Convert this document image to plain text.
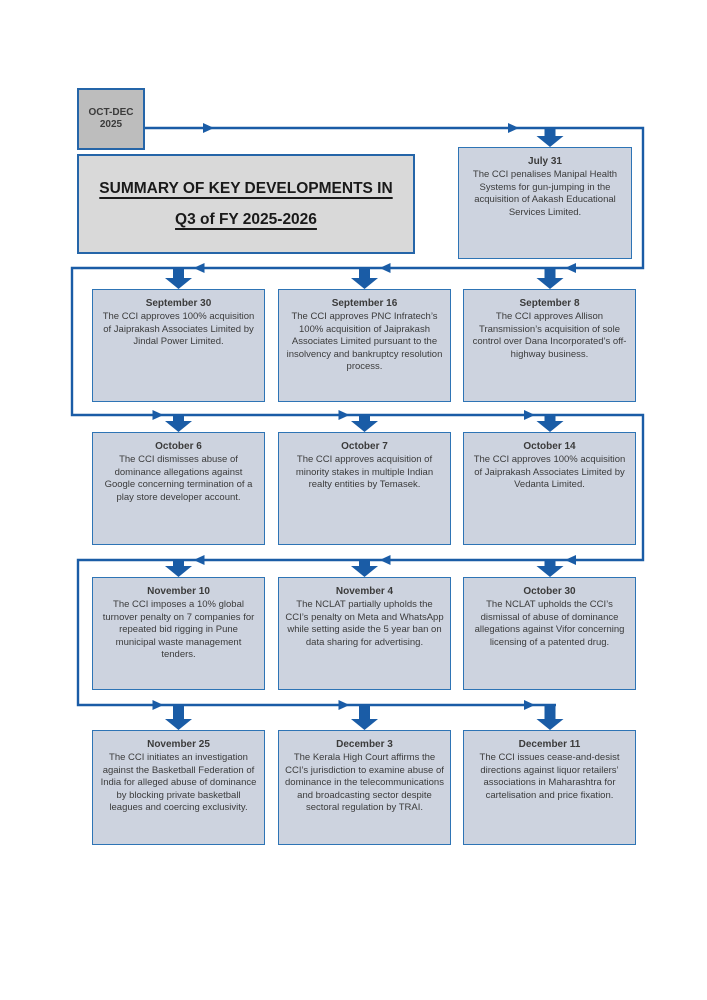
OCT-DEC
2025
SUMMARY OF KEY DEVELOPMENTS IN
Q3 of FY 2025-2026
July 31
The CCI penalises Manipal Health Systems for gun-jumping in the acquisition of Aakash Educational Services Limited.
September 30
The CCI approves 100% acquisition of Jaiprakash Associates Limited by Jindal Power Limited.
September 16
The CCI approves PNC Infratech’s 100% acquisition of Jaiprakash Associates Limited pursuant to the insolvency and bankruptcy resolution process.
September 8
The CCI approves Allison Transmission’s acquisition of sole control over Dana Incorporated’s off-highway business.
October 6
The CCI dismisses abuse of dominance allegations against Google concerning termination of a play store developer account.
October 7
The CCI approves acquisition of minority stakes in multiple Indian realty entities by Temasek.
October 14
The CCI approves 100% acquisition of Jaiprakash Associates Limited by Vedanta Limited.
November 10
The CCI imposes a 10% global turnover penalty on 7 companies for repeated bid rigging in Pune municipal waste management tenders.
November 4
The NCLAT partially upholds the CCI’s penalty on Meta and WhatsApp while setting aside the 5 year ban on data sharing for advertising.
October 30
The NCLAT upholds the CCI’s dismissal of abuse of dominance allegations against Vifor concerning licensing of a patented drug.
November 25
The CCI initiates an investigation against the Basketball Federation of India for alleged abuse of dominance by blocking private basketball leagues and coercing exclusivity.
December 3
The Kerala High Court affirms the CCI’s jurisdiction to examine abuse of dominance in the telecommunications and broadcasting sector despite sectoral regulation by TRAI.
December 11
The CCI issues cease-and-desist directions against liquor retailers’ associations in Maharashtra for cartelisation and price fixation.
